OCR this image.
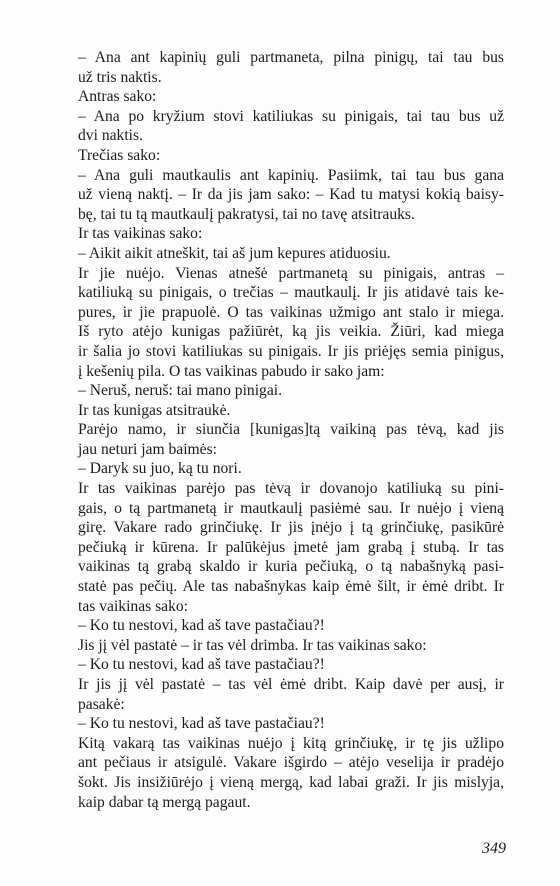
– Ana ant kapinių guli partmaneta, pilna pinigų, tai tau bus
už tris naktis.
Antras sako:
– Ana po kryžium stovi katiliukas su pinigais, tai tau bus už
dvi naktis.
Trečias sako:
– Ana guli mautkaulis ant kapinių. Pasiimk, tai tau bus gana
už vieną naktį. – Ir da jis jam sako: – Kad tu matysi kokią baisy-
bę, tai tu tą mautkaulį pakratysi, tai no tavę atsitrauks.
Ir tas vaikinas sako:
– Aikit aikit atneškit, tai aš jum kepures atiduosiu.
Ir jie nuėjo. Vienas atnešė partmanetą su pinigais, antras –
katiliuką su pinigais, o trečias – mautkaulį. Ir jis atidavė tais ke-
pures, ir jie prapuolė. O tas vaikinas užmigo ant stalo ir miega.
Iš ryto atėjo kunigas pažiūrėt, ką jis veikia. Žiūri, kad miega
ir šalia jo stovi katiliukas su pinigais. Ir jis priėjęs semia pinigus,
į kešenių pila. O tas vaikinas pabudo ir sako jam:
– Neruš, neruš: tai mano pinigai.
Ir tas kunigas atsitraukė.
Parėjo namo, ir siunčia [kunigas]tą vaikiną pas tėvą, kad jis
jau neturi jam baimės:
– Daryk su juo, ką tu nori.
Ir tas vaikinas parėjo pas tėvą ir dovanojo katiliuką su pini-
gais, o tą partmanetą ir mautkaulį pasiėmė sau. Ir nuėjo į vieną
girę. Vakare rado grinčiukę. Ir jis įnėjo į tą grinčiukę, pasikūrė
pečiuką ir kūrena. Ir palūkėjus įmetė jam grabą į stubą. Ir tas
vaikinas tą grabą skaldo ir kuria pečiuką, o tą nabašnyką pasi-
statė pas pečių. Ale tas nabašnykas kaip ėmė šilt, ir ėmė dribt. Ir
tas vaikinas sako:
– Ko tu nestovi, kad aš tave pastačiau?!
Jis jį vėl pastatė – ir tas vėl drimba. Ir tas vaikinas sako:
– Ko tu nestovi, kad aš tave pastačiau?!
Ir jis jį vėl pastatė – tas vėl ėmė dribt. Kaip davė per ausį, ir
pasakė:
– Ko tu nestovi, kad aš tave pastačiau?!
Kitą vakarą tas vaikinas nuėjo į kitą grinčiukę, ir tę jis užlipo
ant pečiaus ir atsigulė. Vakare išgirdo – atėjo veselija ir pradėjo
šokt. Jis insižiūrėjo į vieną mergą, kad labai graži. Ir jis mislyja,
kaip dabar tą mergą pagaut.
349
